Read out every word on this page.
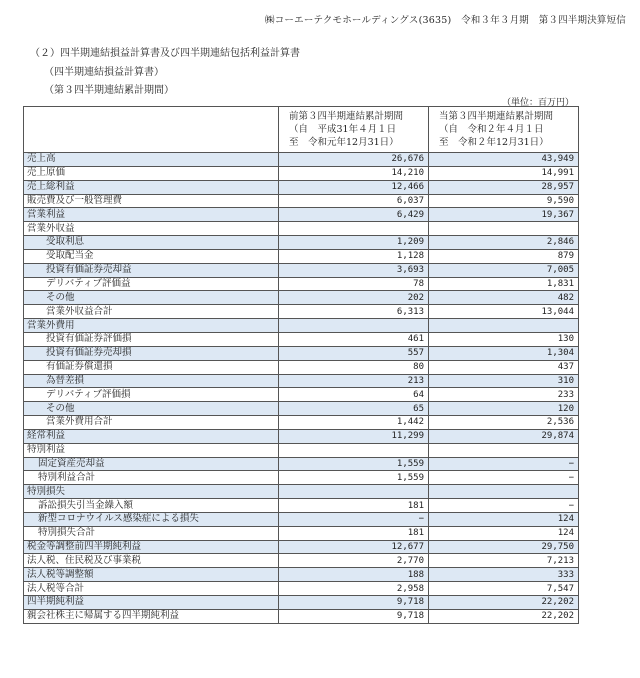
㈱コーエーテクモホールディングス(3635)　令和３年３月期　第３四半期決算短信
（２）四半期連結損益計算書及び四半期連結包括利益計算書
（四半期連結損益計算書）
（第３四半期連結累計期間）
（単位：百万円）

	前第３四半期連結累計期間
（自　平成31年４月１日
至　令和元年12月31日）	当第３四半期連結累計期間
（自　令和２年４月１日
至　令和２年12月31日）

売上高	26,676	43,949
売上原価	14,210	14,991
売上総利益	12,466	28,957
販売費及び一般管理費	6,037	9,590
営業利益	6,429	19,367
営業外収益		
受取利息	1,209	2,846
受取配当金	1,128	879
投資有価証券売却益	3,693	7,005
デリバティブ評価益	78	1,831
その他	202	482
営業外収益合計	6,313	13,044
営業外費用		
投資有価証券評価損	461	130
投資有価証券売却損	557	1,304
有価証券償還損	80	437
為替差損	213	310
デリバティブ評価損	64	233
その他	65	120
営業外費用合計	1,442	2,536
経常利益	11,299	29,874
特別利益		
固定資産売却益	1,559	−
特別利益合計	1,559	−
特別損失		
訴訟損失引当金繰入額	181	−
新型コロナウイルス感染症による損失	−	124
特別損失合計	181	124
税金等調整前四半期純利益	12,677	29,750
法人税、住民税及び事業税	2,770	7,213
法人税等調整額	188	333
法人税等合計	2,958	7,547
四半期純利益	9,718	22,202
親会社株主に帰属する四半期純利益	9,718	22,202
